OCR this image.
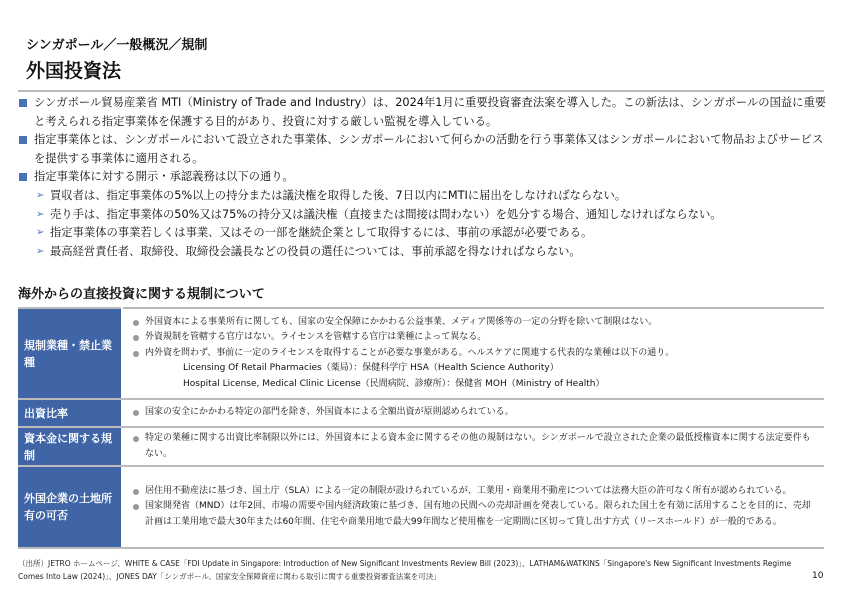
シンガポール／一般概況／規制
外国投資法
シンガポール貿易産業省 MTI（Ministry of Trade and Industry）は、2024年1月に重要投資審査法案を導入した。この新法は、シンガポールの国益に重要と考えられる指定事業体を保護する目的があり、投資に対する厳しい監視を導入している。
指定事業体とは、シンガポールにおいて設立された事業体、シンガポールにおいて何らかの活動を行う事業体又はシンガポールにおいて物品およびサービスを提供する事業体に適用される。
指定事業体に対する開示・承認義務は以下の通り。
➢ 買収者は、指定事業体の5%以上の持分または議決権を取得した後、7日以内にMTIに届出をしなければならない。
➢ 売り手は、指定事業体の50%又は75%の持分又は議決権（直接または間接は問わない）を処分する場合、通知しなければならない。
➢ 指定事業体の事業若しくは事業、又はその一部を継続企業として取得するには、事前の承認が必要である。
➢ 最高経営責任者、取締役、取締役会議長などの役員の選任については、事前承認を得なければならない。
海外からの直接投資に関する規制について
規制業種・禁止業種	外国資本による事業所有に関しても、国家の安全保障にかかわる公益事業、メディア関係等の一定の分野を除いて制限はない。
外資規制を管轄する官庁はない。ライセンスを管轄する官庁は業種によって異なる。
内外資を問わず、事前に一定のライセンスを取得することが必要な事業がある。ヘルスケアに関連する代表的な業種は以下の通り。
Licensing Of Retail Pharmacies（薬局）：保健科学庁 HSA（Health Science Authority）
Hospital License, Medical Clinic License（民間病院、診療所）：保健省 MOH（Ministry of Health）

出資比率	国家の安全にかかわる特定の部門を除き、外国資本による全額出資が原則認められている。

資本金に関する規制	特定の業種に関する出資比率制限以外には、外国資本による資本金に関するその他の規制はない。シンガポールで設立された企業の最低授権資本に関する法定要件もない。

外国企業の土地所有の可否	居住用不動産法に基づき、国土庁（SLA）による一定の制限が設けられているが、工業用・商業用不動産については法務大臣の許可なく所有が認められている。
国家開発省（MND）は年2回、市場の需要や国内経済政策に基づき、国有地の民間への売却計画を発表している。限られた国土を有効に活用することを目的に、売却計画は工業用地で最大30年または60年間、住宅や商業用地で最大99年間など使用権を一定期間に区切って貸し出す方式（リースホールド）が一般的である。
（出所）JETRO ホームページ、WHITE & CASE「FDI Update in Singapore: Introduction of New Significant Investments Review Bill (2023)」、LATHAM&WATKINS「Singapore's New Significant Investments Regime Comes Into Law (2024)」、JONES DAY「シンガポール、国家安全保障資産に関わる取引に関する重要投資審査法案を可決」	10
